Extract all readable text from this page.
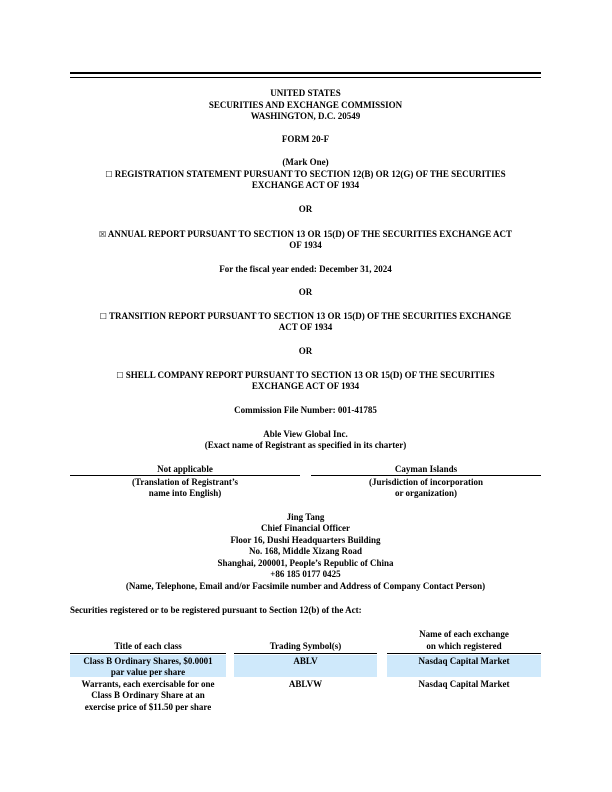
UNITED STATES
SECURITIES AND EXCHANGE COMMISSION
WASHINGTON, D.C. 20549
FORM 20-F
(Mark One)
☐ REGISTRATION STATEMENT PURSUANT TO SECTION 12(B) OR 12(G) OF THE SECURITIES
EXCHANGE ACT OF 1934
OR
☒ ANNUAL REPORT PURSUANT TO SECTION 13 OR 15(D) OF THE SECURITIES EXCHANGE ACT
OF 1934
For the fiscal year ended: December 31, 2024
OR
☐ TRANSITION REPORT PURSUANT TO SECTION 13 OR 15(D) OF THE SECURITIES EXCHANGE
ACT OF 1934
OR
☐ SHELL COMPANY REPORT PURSUANT TO SECTION 13 OR 15(D) OF THE SECURITIES
EXCHANGE ACT OF 1934
Commission File Number: 001-41785
Able View Global Inc.
(Exact name of Registrant as specified in its charter)
Not applicable
(Translation of Registrant’s
name into English)
Cayman Islands
(Jurisdiction of incorporation
or organization)
Jing Tang
Chief Financial Officer
Floor 16, Dushi Headquarters Building
No. 168, Middle Xizang Road
Shanghai, 200001, People’s Republic of China
+86 185 0177 0425
(Name, Telephone, Email and/or Facsimile number and Address of Company Contact Person)
Securities registered or to be registered pursuant to Section 12(b) of the Act:
Title of each class	Trading Symbol(s)
Name of each exchange
on which registered
Class B Ordinary Shares, $0.0001
par value per share
ABLV	Nasdaq Capital Market
Warrants, each exercisable for one
Class B Ordinary Share at an
exercise price of $11.50 per share
ABLVW	Nasdaq Capital Market
